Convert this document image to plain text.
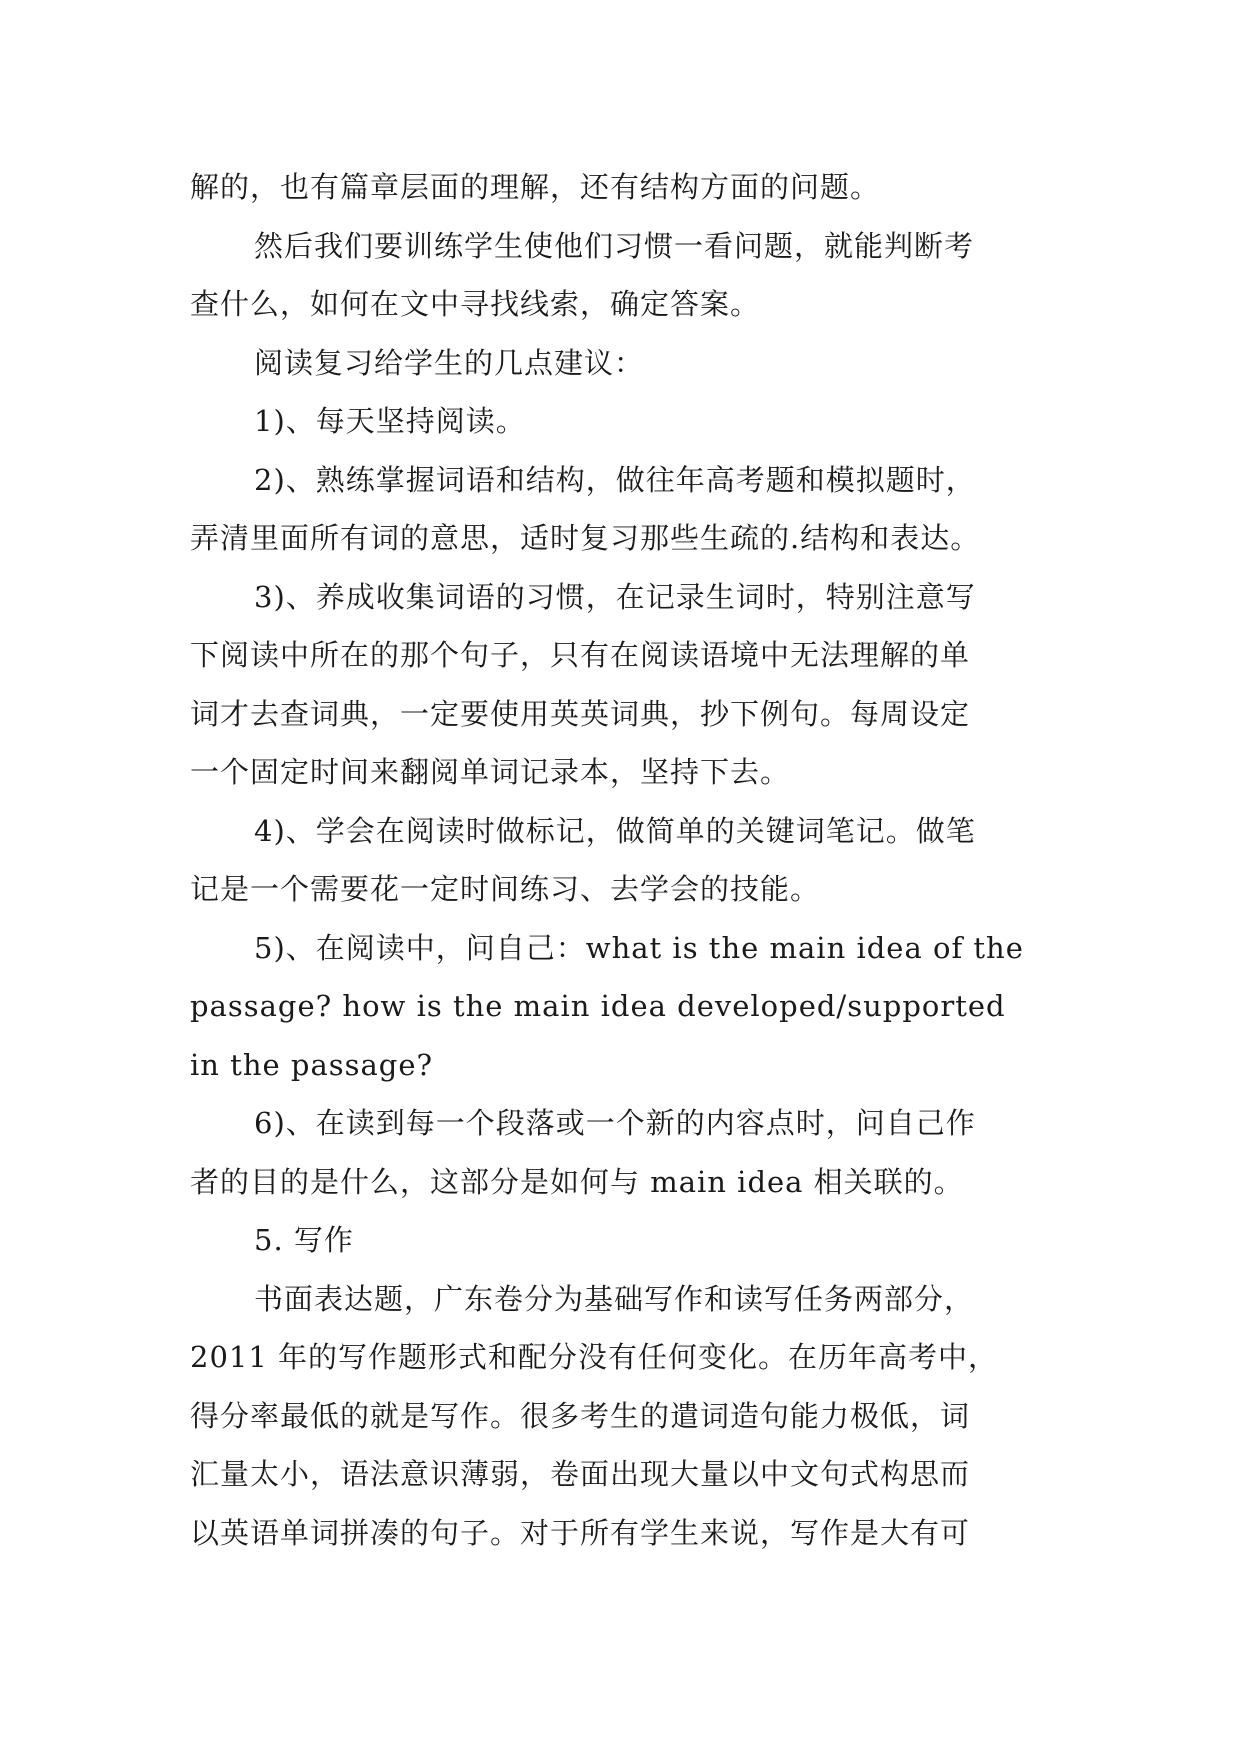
解的，也有篇章层面的理解，还有结构方面的问题。
然后我们要训练学生使他们习惯一看问题，就能判断考
查什么，如何在文中寻找线索，确定答案。
阅读复习给学生的几点建议：
1)、每天坚持阅读。
2)、熟练掌握词语和结构，做往年高考题和模拟题时，
弄清里面所有词的意思，适时复习那些生疏的.结构和表达。
3)、养成收集词语的习惯，在记录生词时，特别注意写
下阅读中所在的那个句子，只有在阅读语境中无法理解的单
词才去查词典，一定要使用英英词典，抄下例句。每周设定
一个固定时间来翻阅单词记录本，坚持下去。
4)、学会在阅读时做标记，做简单的关键词笔记。做笔
记是一个需要花一定时间练习、去学会的技能。
5)、在阅读中，问自己：what is the main idea of the
passage? how is the main idea developed/supported
in the passage?
6)、在读到每一个段落或一个新的内容点时，问自己作
者的目的是什么，这部分是如何与 main idea 相关联的。
5. 写作
书面表达题，广东卷分为基础写作和读写任务两部分，
2011 年的写作题形式和配分没有任何变化。在历年高考中，
得分率最低的就是写作。很多考生的遣词造句能力极低，词
汇量太小，语法意识薄弱，卷面出现大量以中文句式构思而
以英语单词拼凑的句子。对于所有学生来说，写作是大有可
